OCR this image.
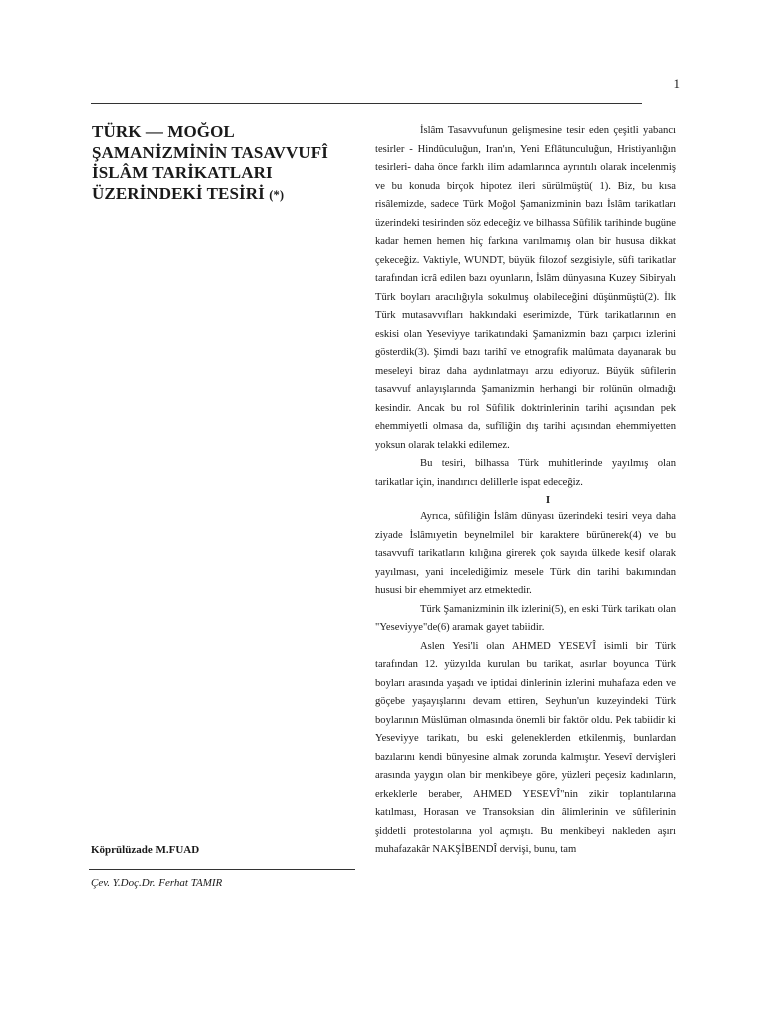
1
TÜRK — MOĞOL
ŞAMANİZMİNİN TASAVVUFÎ
İSLÂM TARİKATLARI
ÜZERİNDEKİ TESİRİ (*)
Köprülüzade M.FUAD
Çev. Y.Doç.Dr. Ferhat TAMIR

İslâm Tasavvufunun gelişmesine tesir eden çeşitli yabancı tesirler - Hindûculuğun, Iran'ın, Yeni Eflâtunculuğun, Hristiyanlığın tesirleri- daha önce farklı ilim adamlarınca ayrıntılı olarak incelenmiş ve bu konuda birçok hipotez ileri sürülmüştü( 1). Biz, bu kısa risâlemizde, sadece Türk Moğol Şamanizminin bazı İslâm tarikatları üzerindeki tesirinden söz edeceğiz ve bilhassa Sûfilik tarihinde bugüne kadar hemen hemen hiç farkına varılmamış olan bir hususa dikkat çekeceğiz. Vaktiyle, WUNDT, büyük filozof sezgisiyle, sûfi tarikatlar tarafından icrâ edilen bazı oyunların, İslâm dünyasına Kuzey Sibiryalı Türk boyları aracılığıyla sokulmuş olabileceğini düşünmüştü(2). İlk Türk mutasavvıfları hakkındaki eserimizde, Türk tarikatlarının en eskisi olan Yeseviyye tarikatındaki Şamanizmin bazı çarpıcı izlerini gösterdik(3). Şimdi bazı tarihî ve etnografik malûmata dayanarak bu meseleyi biraz daha aydınlatmayı arzu ediyoruz. Büyük sûfilerin tasavvuf anlayışlarında Şamanizmin herhangi bir rolünün olmadığı kesindir. Ancak bu rol Sûfilik doktrinlerinin tarihi açısından pek ehemmiyetli olmasa da, sufîliğin dış tarihi açısından ehemmiyetten yoksun olarak telakki edilemez.

Bu tesiri, bilhassa Türk muhitlerinde yayılmış olan tarikatlar için, inandırıcı delillerle ispat edeceğiz.

I

Ayrıca, sûfiliğin İslâm dünyası üzerindeki tesiri veya daha ziyade İslâmıyetin beynelmilel bir karaktere bürünerek(4) ve bu tasavvufî tarikatların kılığına girerek çok sayıda ülkede kesif olarak yayılması, yani incelediğimiz mesele Türk din tarihi bakımından hususi bir ehemmiyet arz etmektedir.

Türk Şamanizminin ilk izlerini(5), en eski Türk tarikatı olan "Yeseviyye"de(6) aramak gayet tabiidir.

Aslen Yesi'li olan AHMED YESEVÎ isimli bir Türk tarafından 12. yüzyılda kurulan bu tarikat, asırlar boyunca Türk boyları arasında yaşadı ve iptidai dinlerinin izlerini muhafaza eden ve göçebe yaşayışlarını devam ettiren, Seyhun'un kuzeyindeki Türk boylarının Müslüman olmasında önemli bir faktör oldu. Pek tabiidir ki Yeseviyye tarikatı, bu eski geleneklerden etkilenmiş, bunlardan bazılarını kendi bünyesine almak zorunda kalmıştır. Yesevî dervişleri arasında yaygın olan bir menkibeye göre, yüzleri peçesiz kadınların, erkeklerle beraber, AHMED YESEVÎ"nin zikir toplantılarına katılması, Horasan ve Transoksian din âlimlerinin ve sûfilerinin şiddetli protestolarına yol açmıştı. Bu menkibeyi nakleden aşırı muhafazakâr NAKŞİBENDÎ dervişi, bunu, tam
